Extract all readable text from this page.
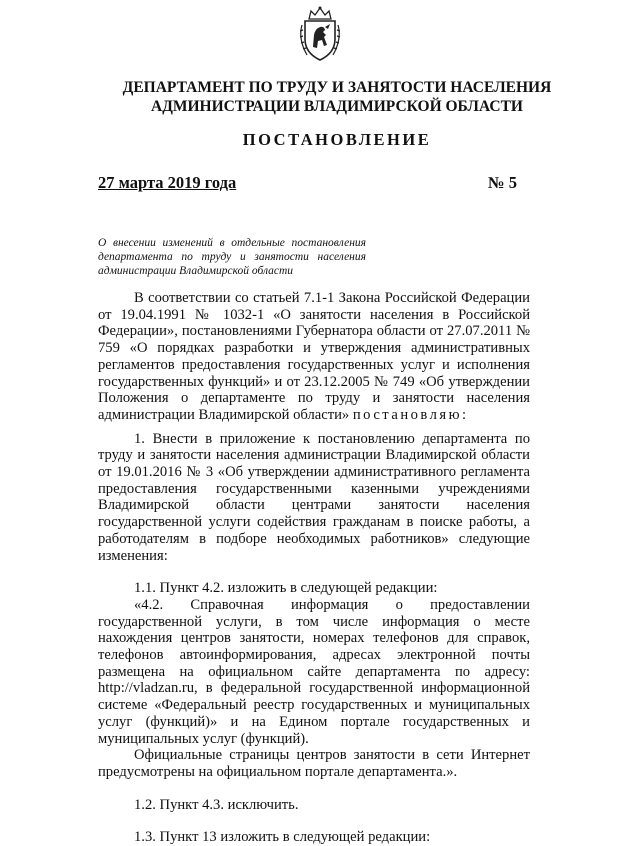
ДЕПАРТАМЕНТ ПО ТРУДУ И ЗАНЯТОСТИ НАСЕЛЕНИЯ
АДМИНИСТРАЦИИ ВЛАДИМИРСКОЙ ОБЛАСТИ
ПОСТАНОВЛЕНИЕ
27 марта 2019 года	№ 5
О внесении изменений в отдельные постановления департамента по труду и занятости населения администрации Владимирской области

В соответствии со статьей 7.1-1 Закона Российской Федерации от 19.04.1991 № 1032-1 «О занятости населения в Российской Федерации», постановлениями Губернатора области от 27.07.2011 № 759 «О порядках разработки и утверждения административных регламентов предоставления государственных услуг и исполнения государственных функций» и от 23.12.2005 № 749 «Об утверждении Положения о департаменте по труду и занятости населения администрации Владимирской области» постановляю:

1. Внести в приложение к постановлению департамента по труду и занятости населения администрации Владимирской области от 19.01.2016 № 3 «Об утверждении административного регламента предоставления государственными казенными учреждениями Владимирской области центрами занятости населения государственной услуги содействия гражданам в поиске работы, а работодателям в подборе необходимых работников» следующие изменения:

1.1. Пункт 4.2. изложить в следующей редакции:

«4.2. Справочная информация о предоставлении государственной услуги, в том числе информация о месте нахождения центров занятости, номерах телефонов для справок, телефонов автоинформирования, адресах электронной почты размещена на официальном сайте департамента по адресу: http://vladzan.ru, в федеральной государственной информационной системе «Федеральный реестр государственных и муниципальных услуг (функций)» и на Едином портале государственных и муниципальных услуг (функций).

Официальные страницы центров занятости в сети Интернет предусмотрены на официальном портале департамента.».

1.2. Пункт 4.3. исключить.

1.3. Пункт 13 изложить в следующей редакции:
